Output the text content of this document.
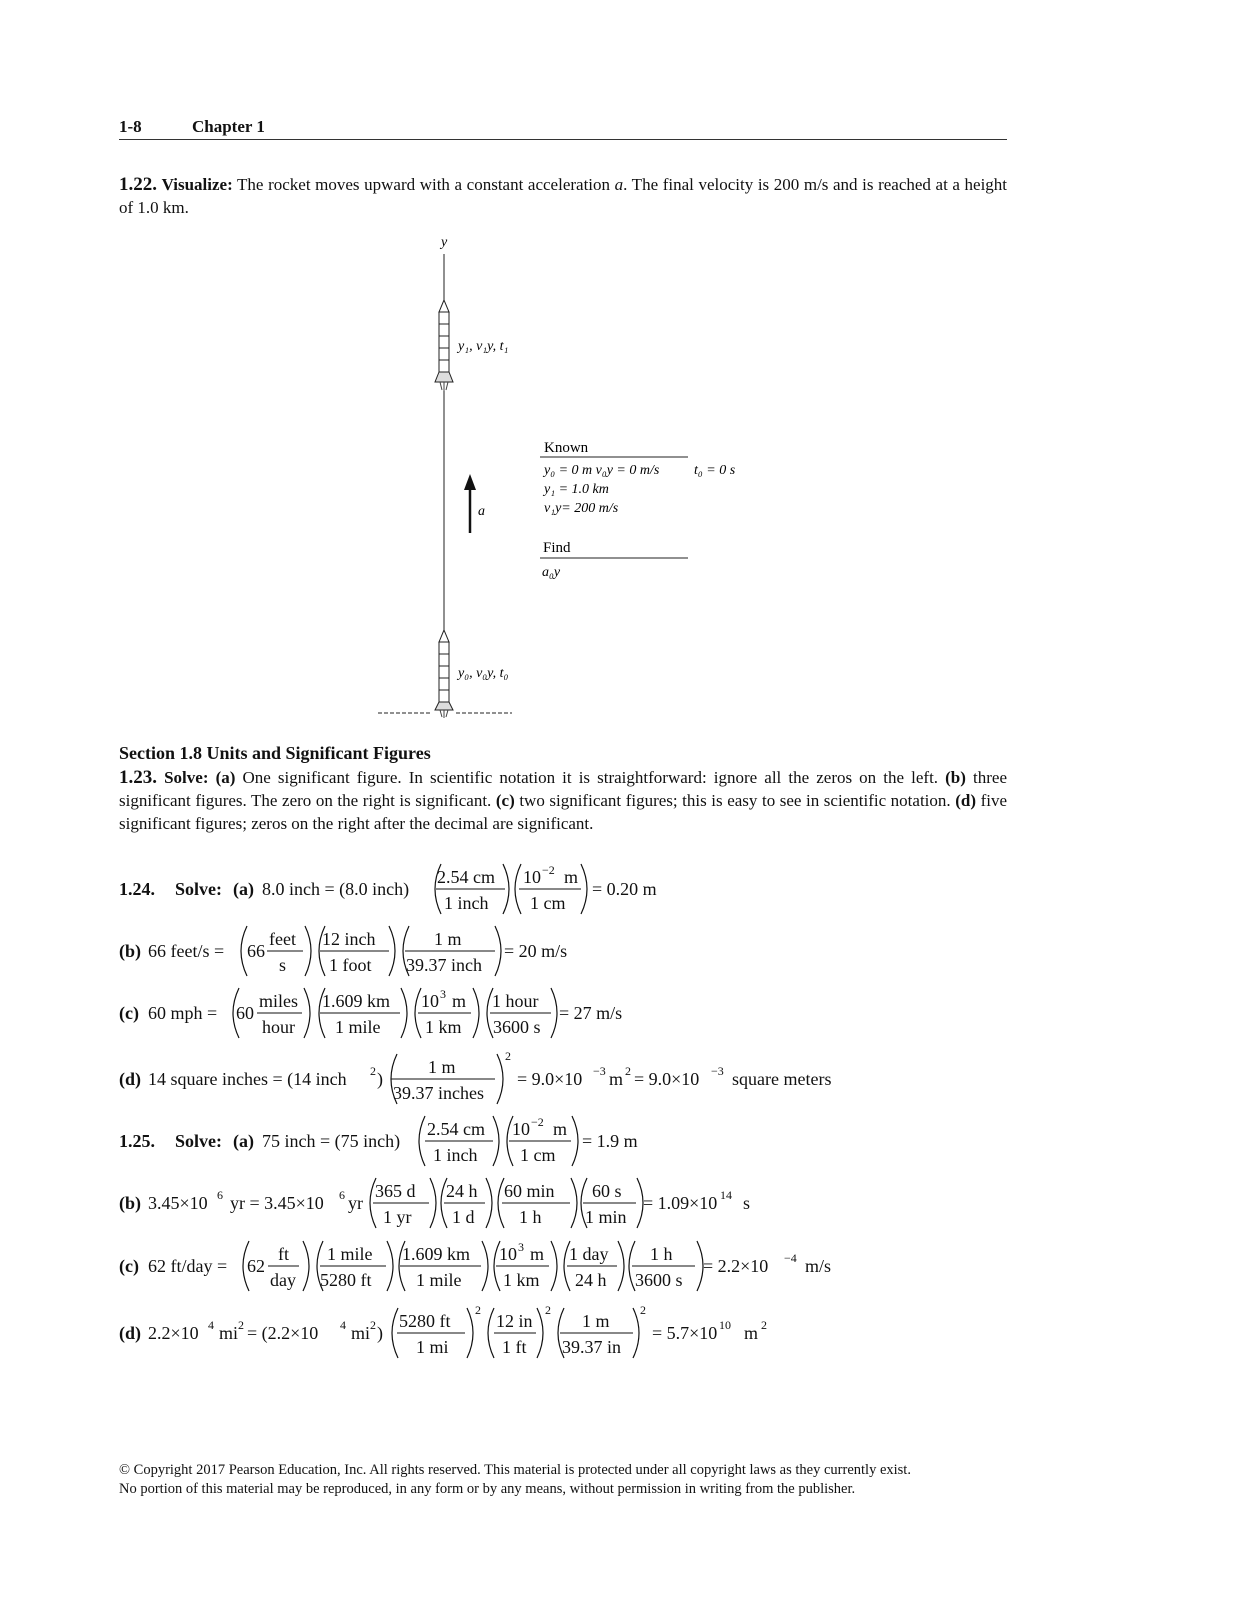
1-8	Chapter 1
1.22. Visualize: The rocket moves upward with a constant acceleration a. The final velocity is 200 m/s and is reached at a height of 1.0 km.
y
y₁, v₁y, t₁
a
Known
y₀ = 0 m v₀y = 0 m/s t₀ = 0 s
y₁ = 1.0 km
v₁y= 200 m/s
Find
a₀y
y₀, v₀y, t₀
Section 1.8 Units and Significant Figures
1.23. Solve: (a) One significant figure. In scientific notation it is straightforward: ignore all the zeros on the left. (b) three significant figures. The zero on the right is significant. (c) two significant figures; this is easy to see in scientific notation. (d) five significant figures; zeros on the right after the decimal are significant.
1.24. Solve: (a) 8.0 inch = (8.0 inch)
2.54 cm
1 inch
10 −2 m
1 cm
= 0.20 m
(b) 66 feet/s = 66
feet
s
12 inch
1 foot
1 m
39.37 inch
= 20 m/s
(c) 60 mph = 60
miles
hour
1.609 km
1 mile
10 3 m
1 km
1 hour
3600 s
= 27 m/s
(d) 14 square inches = (14 inch 2 )
1 m
39.37 inches
2
= 9.0×10 −3 m 2 = 9.0×10 −3 square meters
1.25. Solve: (a) 75 inch = (75 inch)
2.54 cm
1 inch
10 −2 m
1 cm
= 1.9 m
(b) 3.45×10 6 yr = 3.45×10 6 yr
365 d
1 yr
24 h
1 d
60 min
1 h
60 s
1 min
= 1.09×10 14 s
(c) 62 ft/day = 62
ft
day
1 mile
5280 ft
1.609 km
1 mile
10 3 m
1 km
1 day
24 h
1 h
3600 s
= 2.2×10 −4 m/s
(d) 2.2×10 4 mi 2 = (2.2×10 4 mi 2 )
5280 ft
1 mi
2
12 in
1 ft
2
1 m
39.37 in
2
= 5.7×10 10 m 2
© Copyright 2017 Pearson Education, Inc. All rights reserved. This material is protected under all copyright laws as they currently exist.
No portion of this material may be reproduced, in any form or by any means, without permission in writing from the publisher.
